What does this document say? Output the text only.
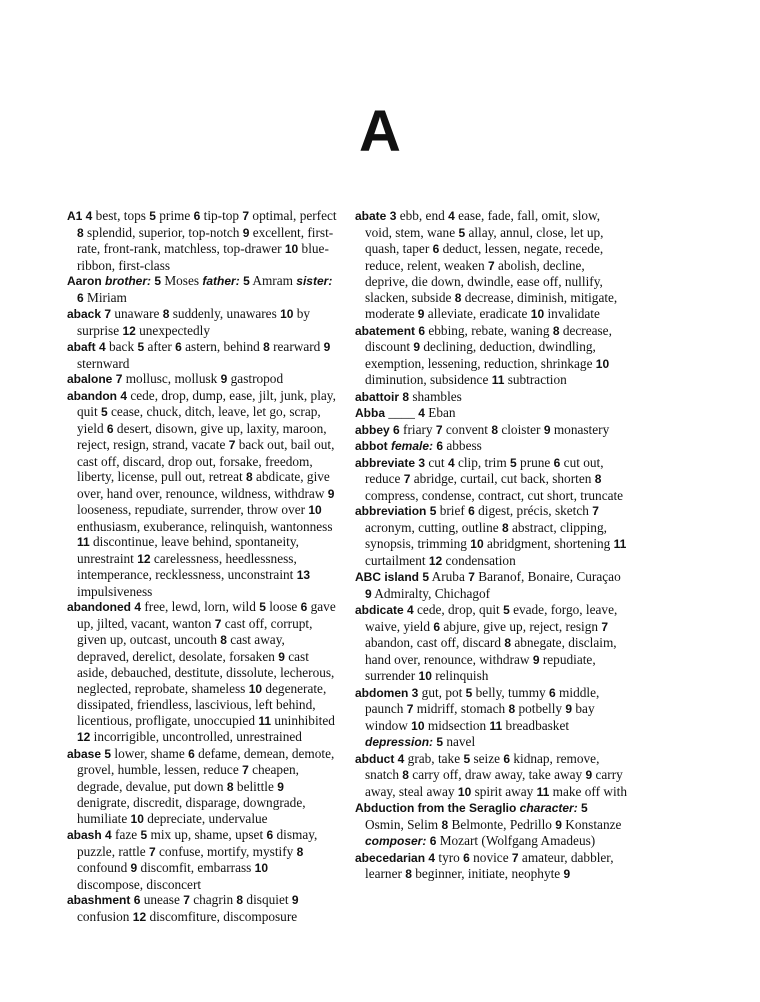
A

A1 4 best, tops 5 prime 6 tip-top 7 optimal, perfect 8 splendid, superior, top-notch 9 excellent, first-rate, front-rank, matchless, top-drawer 10 blue-ribbon, first-class

Aaron brother: 5 Moses father: 5 Amram sister: 6 Miriam

aback 7 unaware 8 suddenly, unawares 10 by surprise 12 unexpectedly

abaft 4 back 5 after 6 astern, behind 8 rearward 9 sternward

abalone 7 mollusc, mollusk 9 gastropod

abandon 4 cede, drop, dump, ease, jilt, junk, play, quit 5 cease, chuck, ditch, leave, let go, scrap, yield 6 desert, disown, give up, laxity, maroon, reject, resign, strand, vacate 7 back out, bail out, cast off, discard, drop out, forsake, freedom, liberty, license, pull out, retreat 8 abdicate, give over, hand over, renounce, wildness, withdraw 9 looseness, repudiate, surrender, throw over 10 enthusiasm, exuberance, relinquish, wantonness 11 discontinue, leave behind, spontaneity, unrestraint 12 carelessness, heedlessness, intemperance, recklessness, unconstraint 13 impulsiveness

abandoned 4 free, lewd, lorn, wild 5 loose 6 gave up, jilted, vacant, wanton 7 cast off, corrupt, given up, outcast, uncouth 8 cast away, depraved, derelict, desolate, forsaken 9 cast aside, debauched, destitute, dissolute, lecherous, neglected, reprobate, shameless 10 degenerate, dissipated, friendless, lascivious, left behind, licentious, profligate, unoccupied 11 uninhibited 12 incorrigible, uncontrolled, unrestrained

abase 5 lower, shame 6 defame, demean, demote, grovel, humble, lessen, reduce 7 cheapen, degrade, devalue, put down 8 belittle 9 denigrate, discredit, disparage, downgrade, humiliate 10 depreciate, undervalue

abash 4 faze 5 mix up, shame, upset 6 dismay, puzzle, rattle 7 confuse, mortify, mystify 8 confound 9 discomfit, embarrass 10 discompose, disconcert

abashment 6 unease 7 chagrin 8 disquiet 9 confusion 12 discomfiture, discomposure

abate 3 ebb, end 4 ease, fade, fall, omit, slow, void, stem, wane 5 allay, annul, close, let up, quash, taper 6 deduct, lessen, negate, recede, reduce, relent, weaken 7 abolish, decline, deprive, die down, dwindle, ease off, nullify, slacken, subside 8 decrease, diminish, mitigate, moderate 9 alleviate, eradicate 10 invalidate

abatement 6 ebbing, rebate, waning 8 decrease, discount 9 declining, deduction, dwindling, exemption, lessening, reduction, shrinkage 10 diminution, subsidence 11 subtraction

abattoir 8 shambles

Abba ____ 4 Eban

abbey 6 friary 7 convent 8 cloister 9 monastery

abbot female: 6 abbess

abbreviate 3 cut 4 clip, trim 5 prune 6 cut out, reduce 7 abridge, curtail, cut back, shorten 8 compress, condense, contract, cut short, truncate

abbreviation 5 brief 6 digest, précis, sketch 7 acronym, cutting, outline 8 abstract, clipping, synopsis, trimming 10 abridgment, shortening 11 curtailment 12 condensation

ABC island 5 Aruba 7 Baranof, Bonaire, Curaçao 9 Admiralty, Chichagof

abdicate 4 cede, drop, quit 5 evade, forgo, leave, waive, yield 6 abjure, give up, reject, resign 7 abandon, cast off, discard 8 abnegate, disclaim, hand over, renounce, withdraw 9 repudiate, surrender 10 relinquish

abdomen 3 gut, pot 5 belly, tummy 6 middle, paunch 7 midriff, stomach 8 potbelly 9 bay window 10 midsection 11 breadbasket depression: 5 navel

abduct 4 grab, take 5 seize 6 kidnap, remove, snatch 8 carry off, draw away, take away 9 carry away, steal away 10 spirit away 11 make off with

Abduction from the Seraglio character: 5 Osmin, Selim 8 Belmonte, Pedrillo 9 Konstanze composer: 6 Mozart (Wolfgang Amadeus)

abecedarian 4 tyro 6 novice 7 amateur, dabbler, learner 8 beginner, initiate, neophyte 9
